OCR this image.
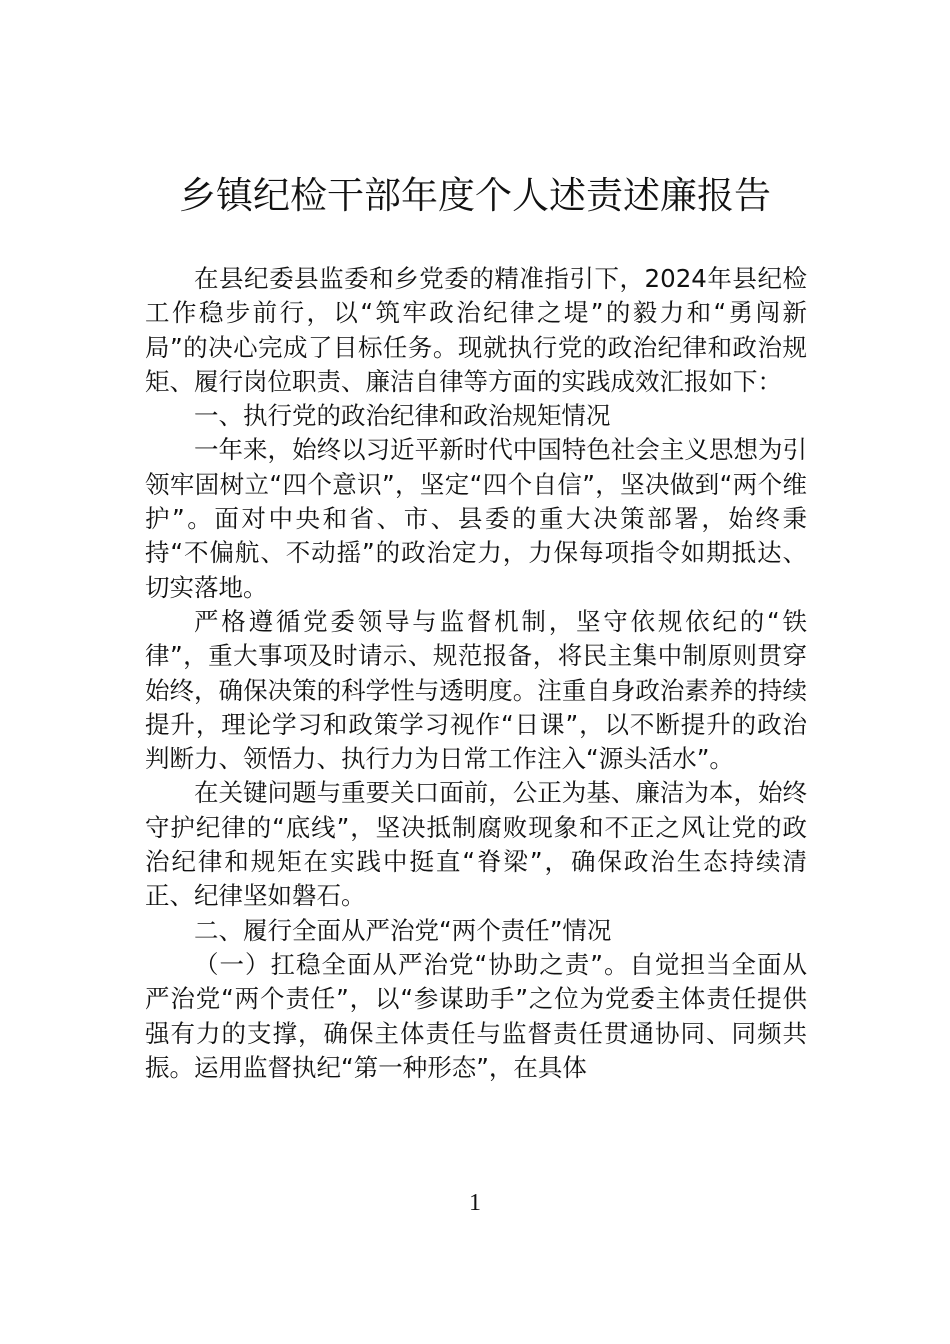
乡镇纪检干部年度个人述责述廉报告

在县纪委县监委和乡党委的精准指引下，2024年县纪检工作稳步前行，以“筑牢政治纪律之堤”的毅力和“勇闯新局”的决心完成了目标任务。现就执行党的政治纪律和政治规矩、履行岗位职责、廉洁自律等方面的实践成效汇报如下：

一、执行党的政治纪律和政治规矩情况

一年来，始终以习近平新时代中国特色社会主义思想为引领牢固树立“四个意识”，坚定“四个自信”，坚决做到“两个维护”。面对中央和省、市、县委的重大决策部署，始终秉持“不偏航、不动摇”的政治定力，力保每项指令如期抵达、切实落地。

严格遵循党委领导与监督机制，坚守依规依纪的“铁律”，重大事项及时请示、规范报备，将民主集中制原则贯穿始终，确保决策的科学性与透明度。注重自身政治素养的持续提升，理论学习和政策学习视作“日课”，以不断提升的政治判断力、领悟力、执行力为日常工作注入“源头活水”。

在关键问题与重要关口面前，公正为基、廉洁为本，始终守护纪律的“底线”，坚决抵制腐败现象和不正之风让党的政治纪律和规矩在实践中挺直“脊梁”，确保政治生态持续清正、纪律坚如磐石。

二、履行全面从严治党“两个责任”情况

（一）扛稳全面从严治党“协助之责”。自觉担当全面从严治党“两个责任”，以“参谋助手”之位为党委主体责任提供强有力的支撑，确保主体责任与监督责任贯通协同、同频共振。运用监督执纪“第一种形态”，在具体

1
